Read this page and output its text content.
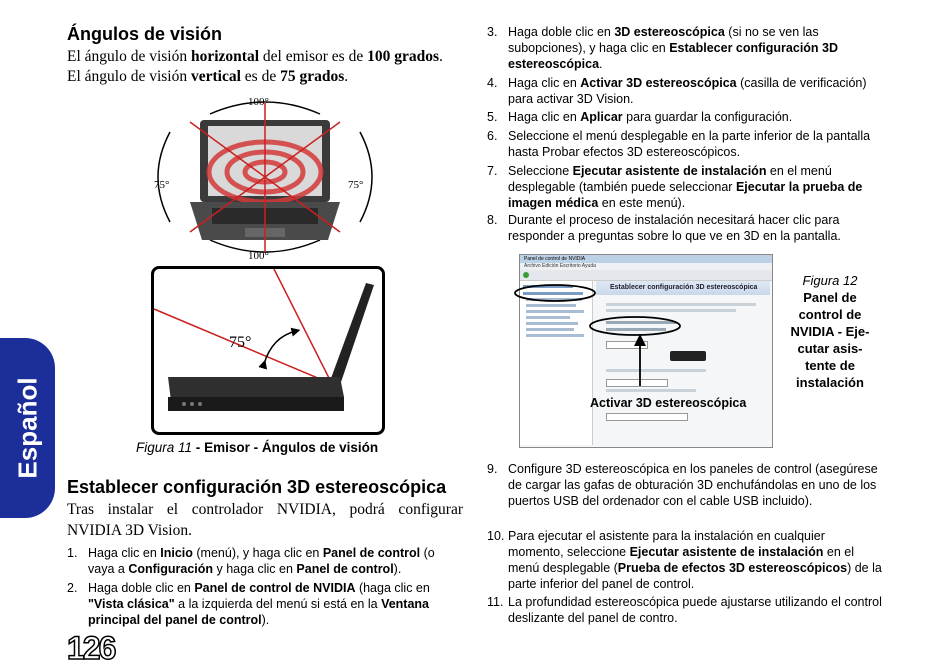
Español
Ángulos de visión
El ángulo de visión horizontal del emisor es de 100 grados.
El ángulo de visión vertical es de 75 grados.
100°
100°
75°	75°
75°
Figura 11 - Emisor - Ángulos de visión
Establecer configuración 3D estereoscópica
Tras instalar el controlador NVIDIA, podrá configurar NVIDIA 3D Vision.
1. Haga clic en Inicio (menú), y haga clic en Panel de control (o vaya a Configuración y haga clic en Panel de control).
2. Haga doble clic en Panel de control de NVIDIA (haga clic en "Vista clásica" a la izquierda del menú si está en la Ventana principal del panel de control).
3. Haga doble clic en 3D estereoscópica (si no se ven las subopciones), y haga clic en Establecer configuración 3D estereoscópica.
4. Haga clic en Activar 3D estereoscópica (casilla de verificación) para activar 3D Vision.
5. Haga clic en Aplicar para guardar la configuración.
6. Seleccione el menú desplegable en la parte inferior de la pantalla hasta Probar efectos 3D estereoscópicos.
7. Seleccione Ejecutar asistente de instalación en el menú desplegable (también puede seleccionar Ejecutar la prueba de imagen médica en este menú).
8. Durante el proceso de instalación necesitará hacer clic para responder a preguntas sobre lo que ve en 3D en la pantalla.
9. Configure 3D estereoscópica en los paneles de control (asegúrese de cargar las gafas de obturación 3D enchufándolas en uno de los puertos USB del ordenador con el cable USB incluido).
10. Para ejecutar el asistente para la instalación en cualquier momento, seleccione Ejecutar asistente de instalación en el menú desplegable (Prueba de efectos 3D estereoscópicos) de la parte inferior del panel de control.
11. La profundidad estereoscópica puede ajustarse utilizando el control deslizante del panel de contro.
Panel de control de NVIDIA
Archivo Edición Escritorio Ayuda
Establecer configuración 3D estereoscópica
Activar 3D estereoscópica
Figura 12
Panel de
control de
NVIDIA - Eje-
cutar asis-
tente de
instalación
126
